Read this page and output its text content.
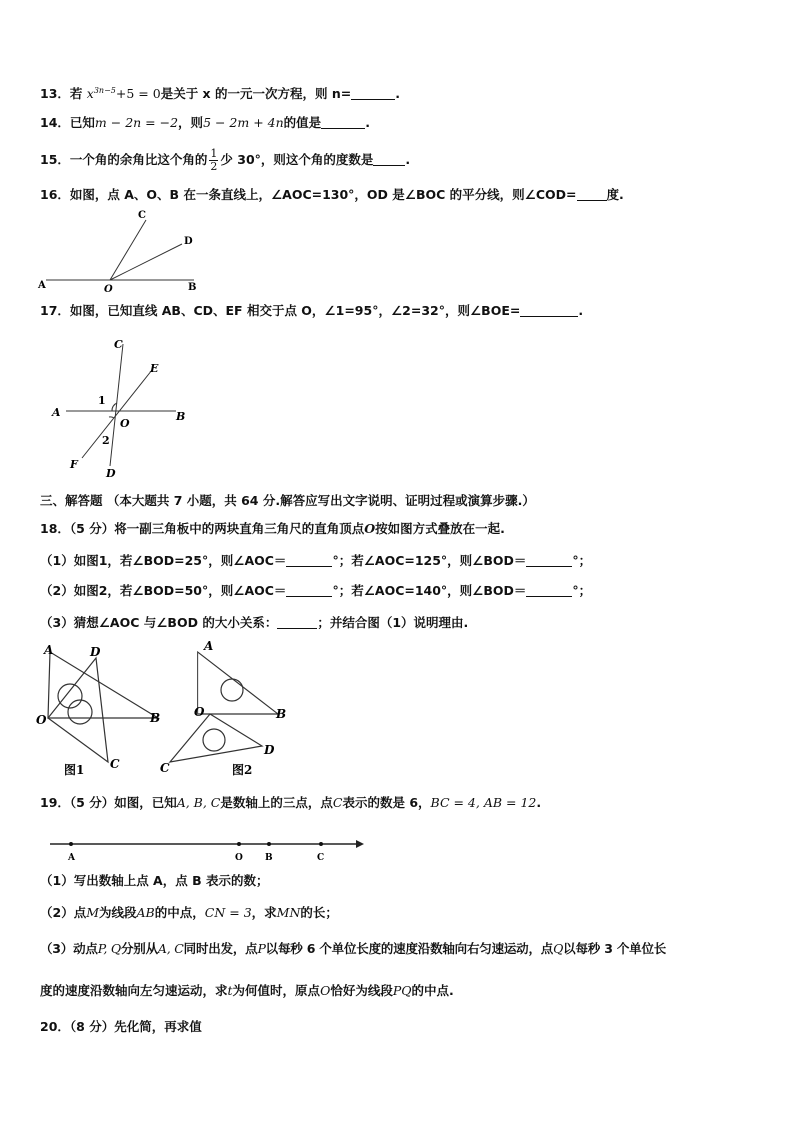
13．若 $x^{3n-5}+5 = 0$是关于 x 的一元一次方程，则 n=	.
14．已知m − 2n = −2，则5 − 2m + 4n的值是	.
15．一个角的余角比这个角的 $\frac{1}{2}$ 少 30°，则这个角的度数是	.
16．如图，点 A、O、B 在一条直线上，∠AOC=130°，OD 是∠BOC 的平分线，则∠COD= 度.
A	B
C
D
O
17．如图，已知直线 AB、CD、EF 相交于点 O，∠1=95°，∠2=32°，则∠BOE=	.
A	B
C
D
E
F
O
1
2
三、解答题 （本大题共 7 小题，共 64 分.解答应写出文字说明、证明过程或演算步骤.）
18．（5 分）将一副三角板中的两块直角三角尺的直角顶点O按如图方式叠放在一起.
（1）如图1，若∠BOD=25°，则∠AOC＝	°；若∠AOC=125°，则∠BOD＝	°；
（2）如图2，若∠BOD=50°，则∠AOC＝	°；若∠AOC=140°，则∠BOD＝	°；
（3）猜想∠AOC 与∠BOD 的大小关系：	；并结合图（1）说明理由.
A
B
C
D
O
图1
A
B
C
D
O
图2
19．（5 分）如图，已知A, B, C是数轴上的三点，点C表示的数是 6，BC = 4, AB = 12.
A	O B	C
（1）写出数轴上点 A，点 B 表示的数；
（2）点M为线段AB的中点，CN = 3，求MN的长；
（3）动点P, Q分别从A, C同时出发，点P以每秒 6 个单位长度的速度沿数轴向右匀速运动，点Q以每秒 3 个单位长
度的速度沿数轴向左匀速运动，求t为何值时，原点O恰好为线段PQ的中点.
20．（8 分）先化简，再求值
